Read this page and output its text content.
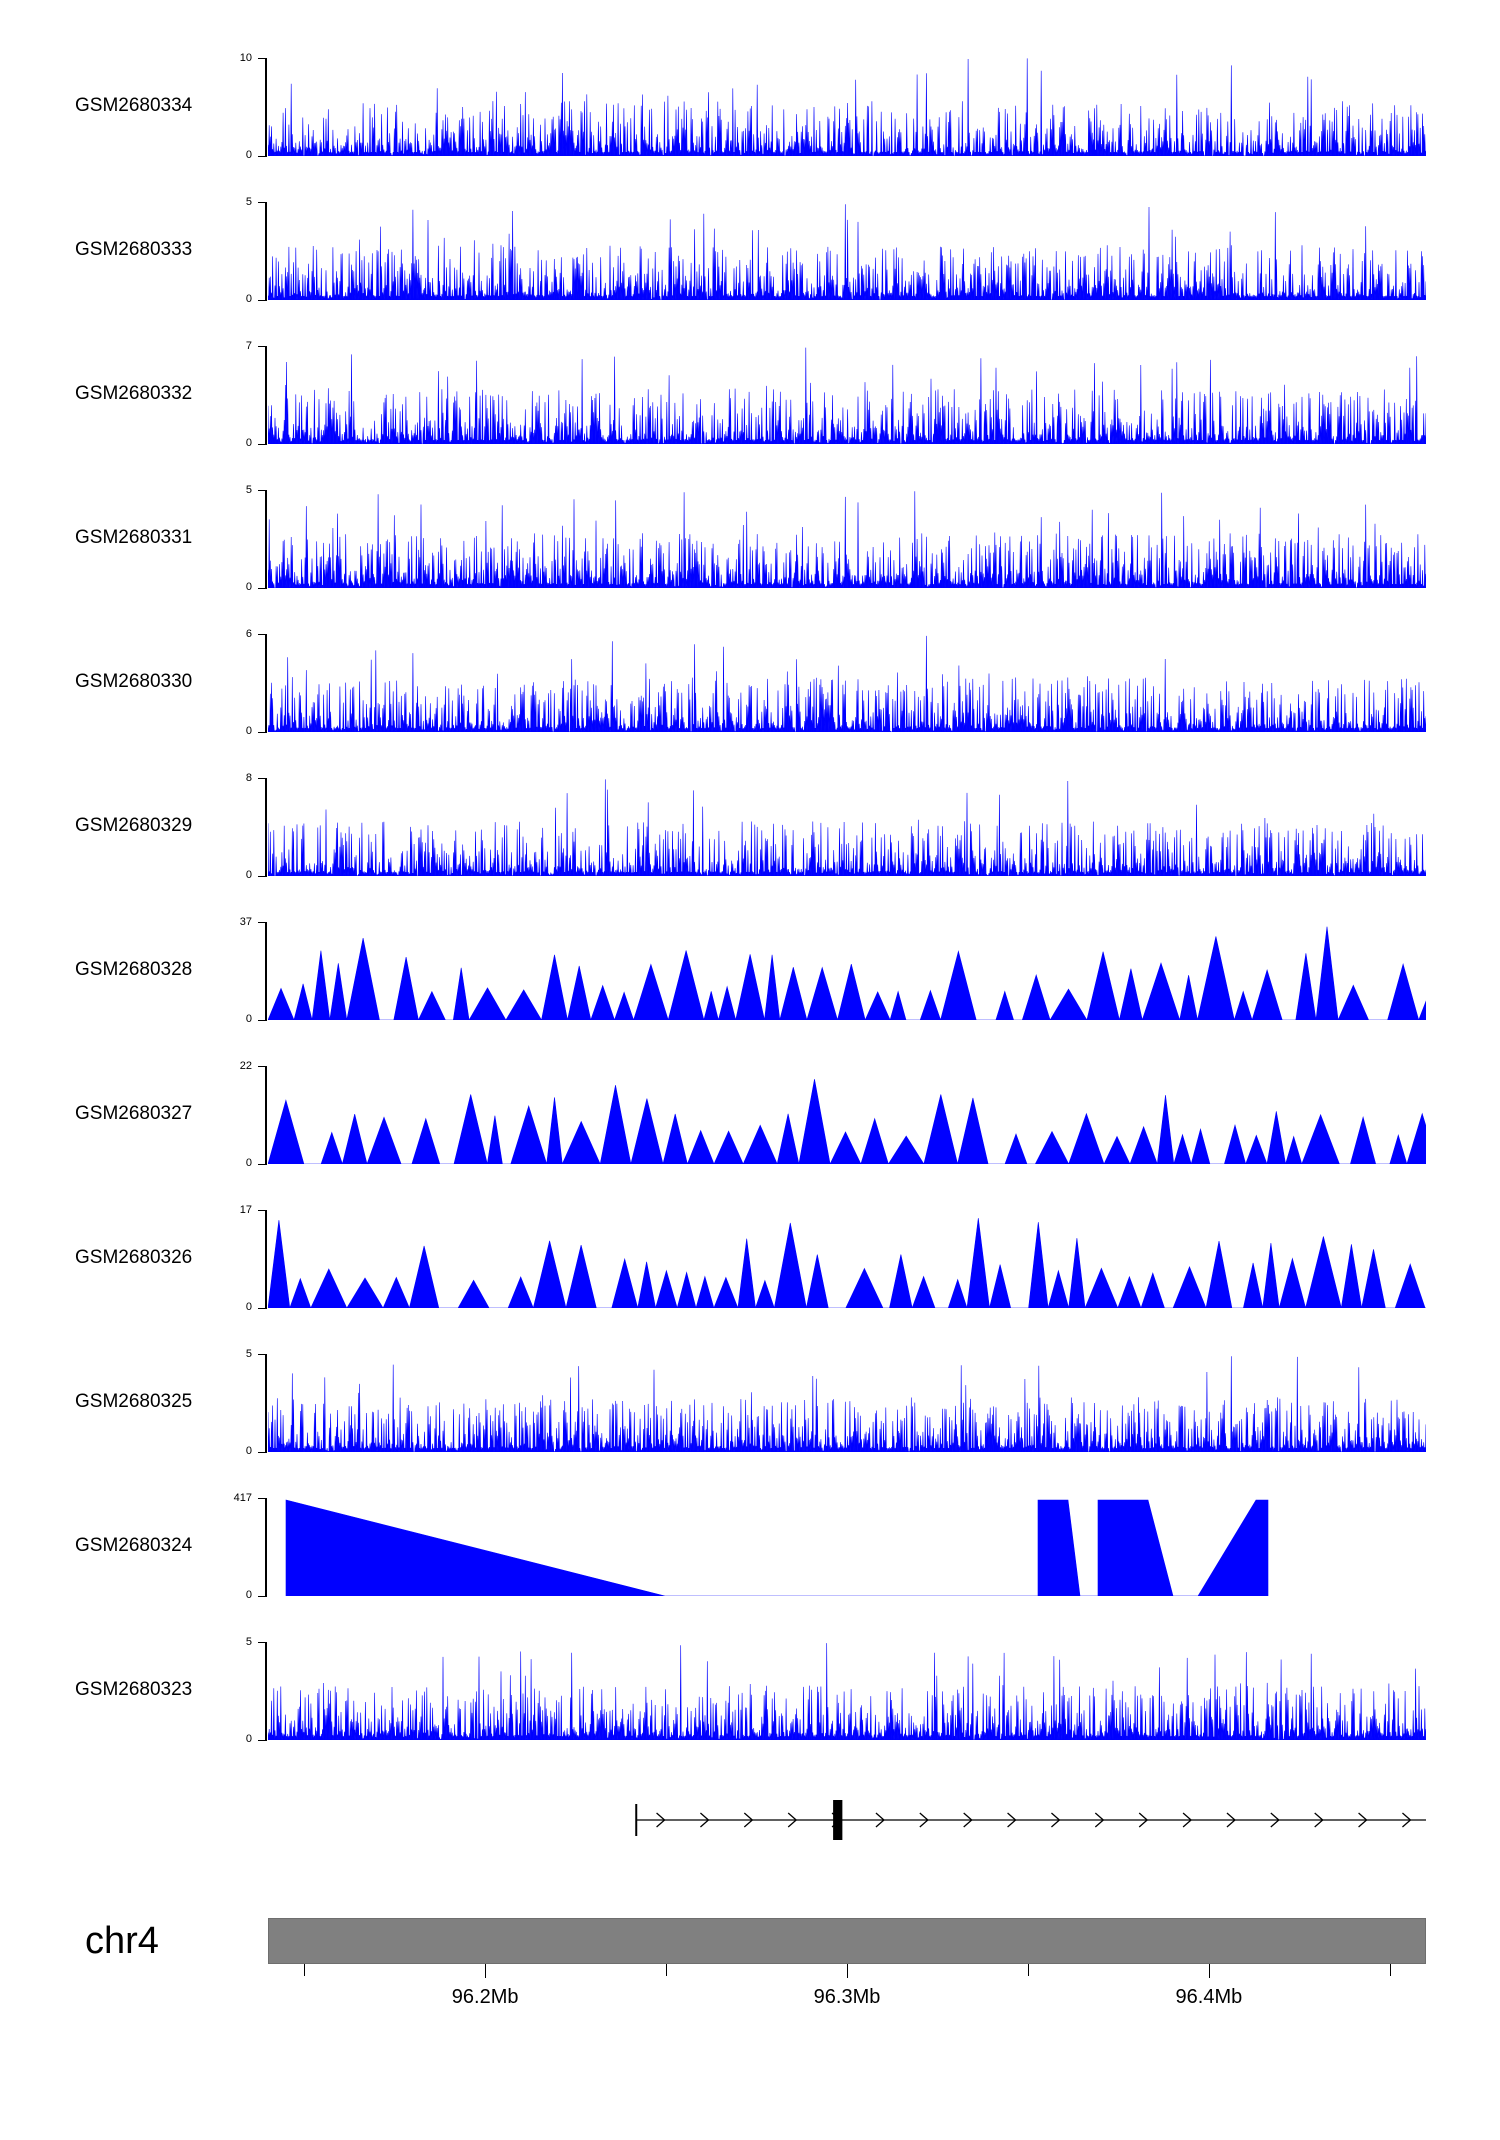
GSM2680334
10
0
GSM2680333
5
0
GSM2680332
7
0
GSM2680331
5
0
GSM2680330
6
0
GSM2680329
8
0
GSM2680328
37
0
GSM2680327
22
0
GSM2680326
17
0
GSM2680325
5
0
GSM2680324
417
0
GSM2680323
5
0
chr4
96.2Mb	96.3Mb	96.4Mb
